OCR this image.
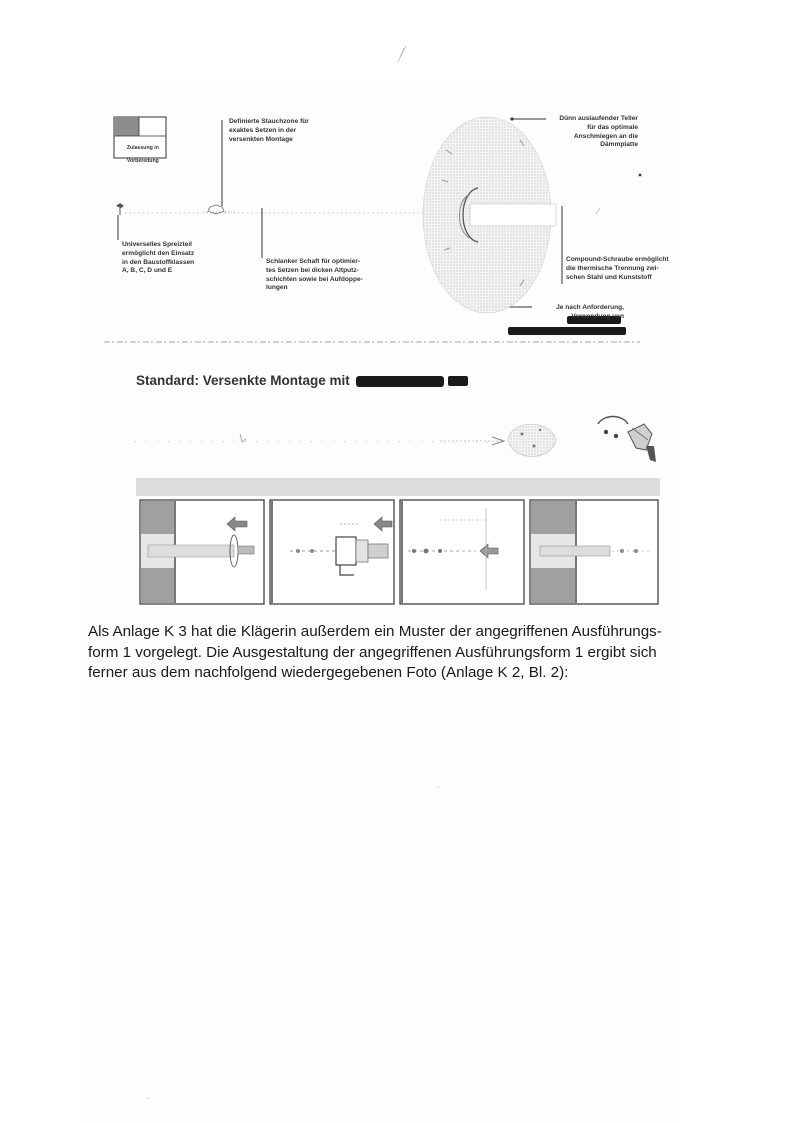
Zulassung in

Vorbereitung

Definierte Stauchzone für
exaktes Setzen in der
versenkten Montage
Dünn auslaufender Teller
für das optimale
Anschmiegen an die
Dämmplatte
Universelles Spreizteil
ermöglicht den Einsatz
in den Baustoffklassen
A, B, C, D und E
Schlanker Schaft für optimier-
tes Setzen bei dicken Altputz-
schichten sowie bei Aufdoppe-
lungen
Compound-Schraube ermöglicht
die thermische Trennung zwi-
schen Stahl und Kunststoff
Je nach Anforderung,
Verwendung von
Standard: Versenkte Montage mit

Als Anlage K 3 hat die Klägerin außerdem ein Muster der angegriffenen Ausführungs-

form 1 vorgelegt. Die Ausgestaltung der angegriffenen Ausführungsform 1 ergibt sich

ferner aus dem nachfolgend wiedergegebenen Foto (Anlage K 2, Bl. 2):
